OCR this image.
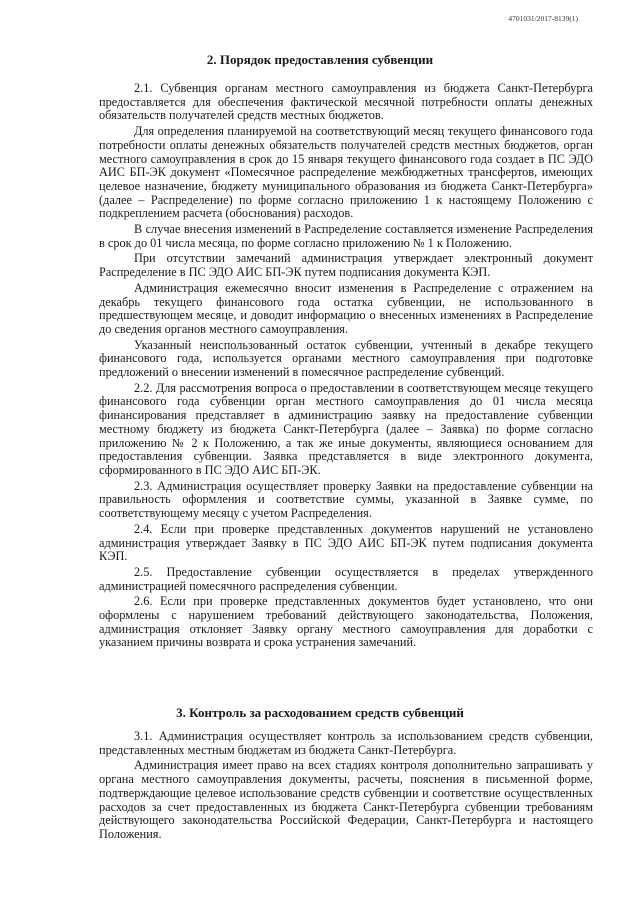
4701031/2017-8139(1)
2. Порядок предоставления субвенции

2.1. Субвенция органам местного самоуправления из бюджета Санкт-Петербурга предоставляется для обеспечения фактической месячной потребности оплаты денежных обязательств получателей средств местных бюджетов.

Для определения планируемой на соответствующий месяц текущего финансового года потребности оплаты денежных обязательств получателей средств местных бюджетов, орган местного самоуправления в срок до 15 января текущего финансового года создает в ПС ЭДО АИС БП-ЭК документ «Помесячное распределение межбюджетных трансфертов, имеющих целевое назначение, бюджету муниципального образования из бюджета Санкт-Петербурга» (далее – Распределение) по форме согласно приложению 1 к настоящему Положению с подкреплением расчета (обоснования) расходов.

В случае внесения изменений в Распределение составляется изменение Распределения в срок до 01 числа месяца, по форме согласно приложению № 1 к Положению.

При отсутствии замечаний администрация утверждает электронный документ Распределение в ПС ЭДО АИС БП-ЭК путем подписания документа КЭП.

Администрация ежемесячно вносит изменения в Распределение с отражением на декабрь текущего финансового года остатка субвенции, не использованного в предшествующем месяце, и доводит информацию о внесенных изменениях в Распределение до сведения органов местного самоуправления.

Указанный неиспользованный остаток субвенции, учтенный в декабре текущего финансового года, используется органами местного самоуправления при подготовке предложений о внесении изменений в помесячное распределение субвенций.

2.2. Для рассмотрения вопроса о предоставлении в соответствующем месяце текущего финансового года субвенции орган местного самоуправления до 01 числа месяца финансирования представляет в администрацию заявку на предоставление субвенции местному бюджету из бюджета Санкт-Петербурга (далее – Заявка) по форме согласно приложению № 2 к Положению, а так же иные документы, являющиеся основанием для предоставления субвенции. Заявка представляется в виде электронного документа, сформированного в ПС ЭДО АИС БП-ЭК.

2.3. Администрация осуществляет проверку Заявки на предоставление субвенции на правильность оформления и соответствие суммы, указанной в Заявке сумме, по соответствующему месяцу с учетом Распределения.

2.4. Если при проверке представленных документов нарушений не установлено администрация утверждает Заявку в ПС ЭДО АИС БП-ЭК путем подписания документа КЭП.

2.5. Предоставление субвенции осуществляется в пределах утвержденного администрацией помесячного распределения субвенции.

2.6. Если при проверке представленных документов будет установлено, что они оформлены с нарушением требований действующего законодательства, Положения, администрация отклоняет Заявку органу местного самоуправления для доработки с указанием причины возврата и срока устранения замечаний.

3. Контроль за расходованием средств субвенций

3.1. Администрация осуществляет контроль за использованием средств субвенции, представленных местным бюджетам из бюджета Санкт-Петербурга.

Администрация имеет право на всех стадиях контроля дополнительно запрашивать у органа местного самоуправления документы, расчеты, пояснения в письменной форме, подтверждающие целевое использование средств субвенции и соответствие осуществленных расходов за счет предоставленных из бюджета Санкт-Петербурга субвенции требованиям действующего законодательства Российской Федерации, Санкт-Петербурга и настоящего Положения.
